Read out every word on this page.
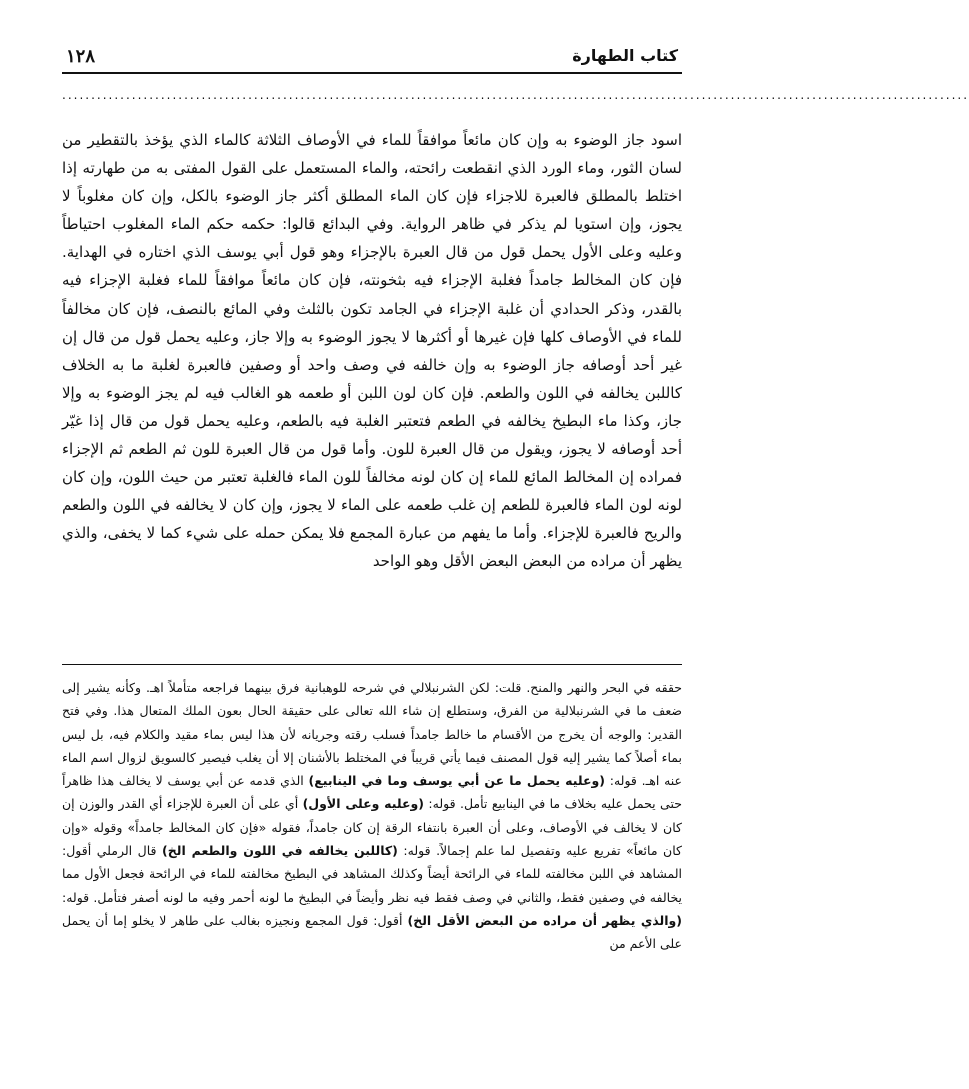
١٢٨	كتاب الطهارة
............................................................................................................................................................

اسود جاز الوضوء به وإن كان مائعاً موافقاً للماء في الأوصاف الثلاثة كالماء الذي يؤخذ بالتقطير من لسان الثور، وماء الورد الذي انقطعت رائحته، والماء المستعمل على القول المفتى به من طهارته إذا اختلط بالمطلق فالعبرة للاجزاء فإن كان الماء المطلق أكثر جاز الوضوء بالكل، وإن كان مغلوباً لا يجوز، وإن استويا لم يذكر في ظاهر الرواية. وفي البدائع قالوا: حكمه حكم الماء المغلوب احتياطاً وعليه وعلى الأول يحمل قول من قال العبرة بالإجزاء وهو قول أبي يوسف الذي اختاره في الهداية. فإن كان المخالط جامداً فغلبة الإجزاء فيه بثخونته، فإن كان مائعاً موافقاً للماء فغلبة الإجزاء فيه بالقدر، وذكر الحدادي أن غلبة الإجزاء في الجامد تكون بالثلث وفي المائع بالنصف، فإن كان مخالفاً للماء في الأوصاف كلها فإن غيرها أو أكثرها لا يجوز الوضوء به وإلا جاز، وعليه يحمل قول من قال إن غير أحد أوصافه جاز الوضوء به وإن خالفه في وصف واحد أو وصفين فالعبرة لغلبة ما به الخلاف كاللبن يخالفه في اللون والطعم. فإن كان لون اللبن أو طعمه هو الغالب فيه لم يجز الوضوء به وإلا جاز، وكذا ماء البطيخ يخالفه في الطعم فتعتبر الغلبة فيه بالطعم، وعليه يحمل قول من قال إذا غيّر أحد أوصافه لا يجوز، ويقول من قال العبرة للون. وأما قول من قال العبرة للون ثم الطعم ثم الإجزاء فمراده إن المخالط المائع للماء إن كان لونه مخالفاً للون الماء فالغلبة تعتبر من حيث اللون، وإن كان لونه لون الماء فالعبرة للطعم إن غلب طعمه على الماء لا يجوز، وإن كان لا يخالفه في اللون والطعم والريح فالعبرة للإجزاء. وأما ما يفهم من عبارة المجمع فلا يمكن حمله على شيء كما لا يخفى، والذي يظهر أن مراده من البعض البعض الأقل وهو الواحد

حققه في البحر والنهر والمنح. قلت: لكن الشرنبلالي في شرحه للوهبانية فرق بينهما فراجعه متأملاً اهـ. وكأنه يشير إلى ضعف ما في الشرنبلالية من الفرق، وستطلع إن شاء الله تعالى على حقيقة الحال بعون الملك المتعال هذا. وفي فتح القدير: والوجه أن يخرج من الأقسام ما خالط جامداً فسلب رقته وجريانه لأن هذا ليس بماء مقيد والكلام فيه، بل ليس بماء أصلاً كما يشير إليه قول المصنف فيما يأتي قريباً في المختلط بالأشنان إلا أن يغلب فيصير كالسويق لزوال اسم الماء عنه اهـ. قوله: (وعليه يحمل ما عن أبي يوسف وما في الينابيع) الذي قدمه عن أبي يوسف لا يخالف هذا ظاهراً حتى يحمل عليه بخلاف ما في الينابيع تأمل. قوله: (وعليه وعلى الأول) أي على أن العبرة للإجزاء أي القدر والوزن إن كان لا يخالف في الأوصاف، وعلى أن العبرة بانتفاء الرقة إن كان جامداً، فقوله «فإن كان المخالط جامداً» وقوله «وإن كان مائعاً» تفريع عليه وتفصيل لما علم إجمالاً. قوله: (كاللبن يخالفه في اللون والطعم الخ) قال الرملي أقول: المشاهد في اللبن مخالفته للماء في الرائحة أيضاً وكذلك المشاهد في البطيخ مخالفته للماء في الرائحة فجعل الأول مما يخالفه في وصفين فقط، والثاني في وصف فقط فيه نظر وأيضاً في البطيخ ما لونه أحمر وفيه ما لونه أصفر فتأمل. قوله: (والذي يظهر أن مراده من البعض الأقل الخ) أقول: قول المجمع ونجيزه بغالب على طاهر لا يخلو إما أن يحمل على الأعم من
